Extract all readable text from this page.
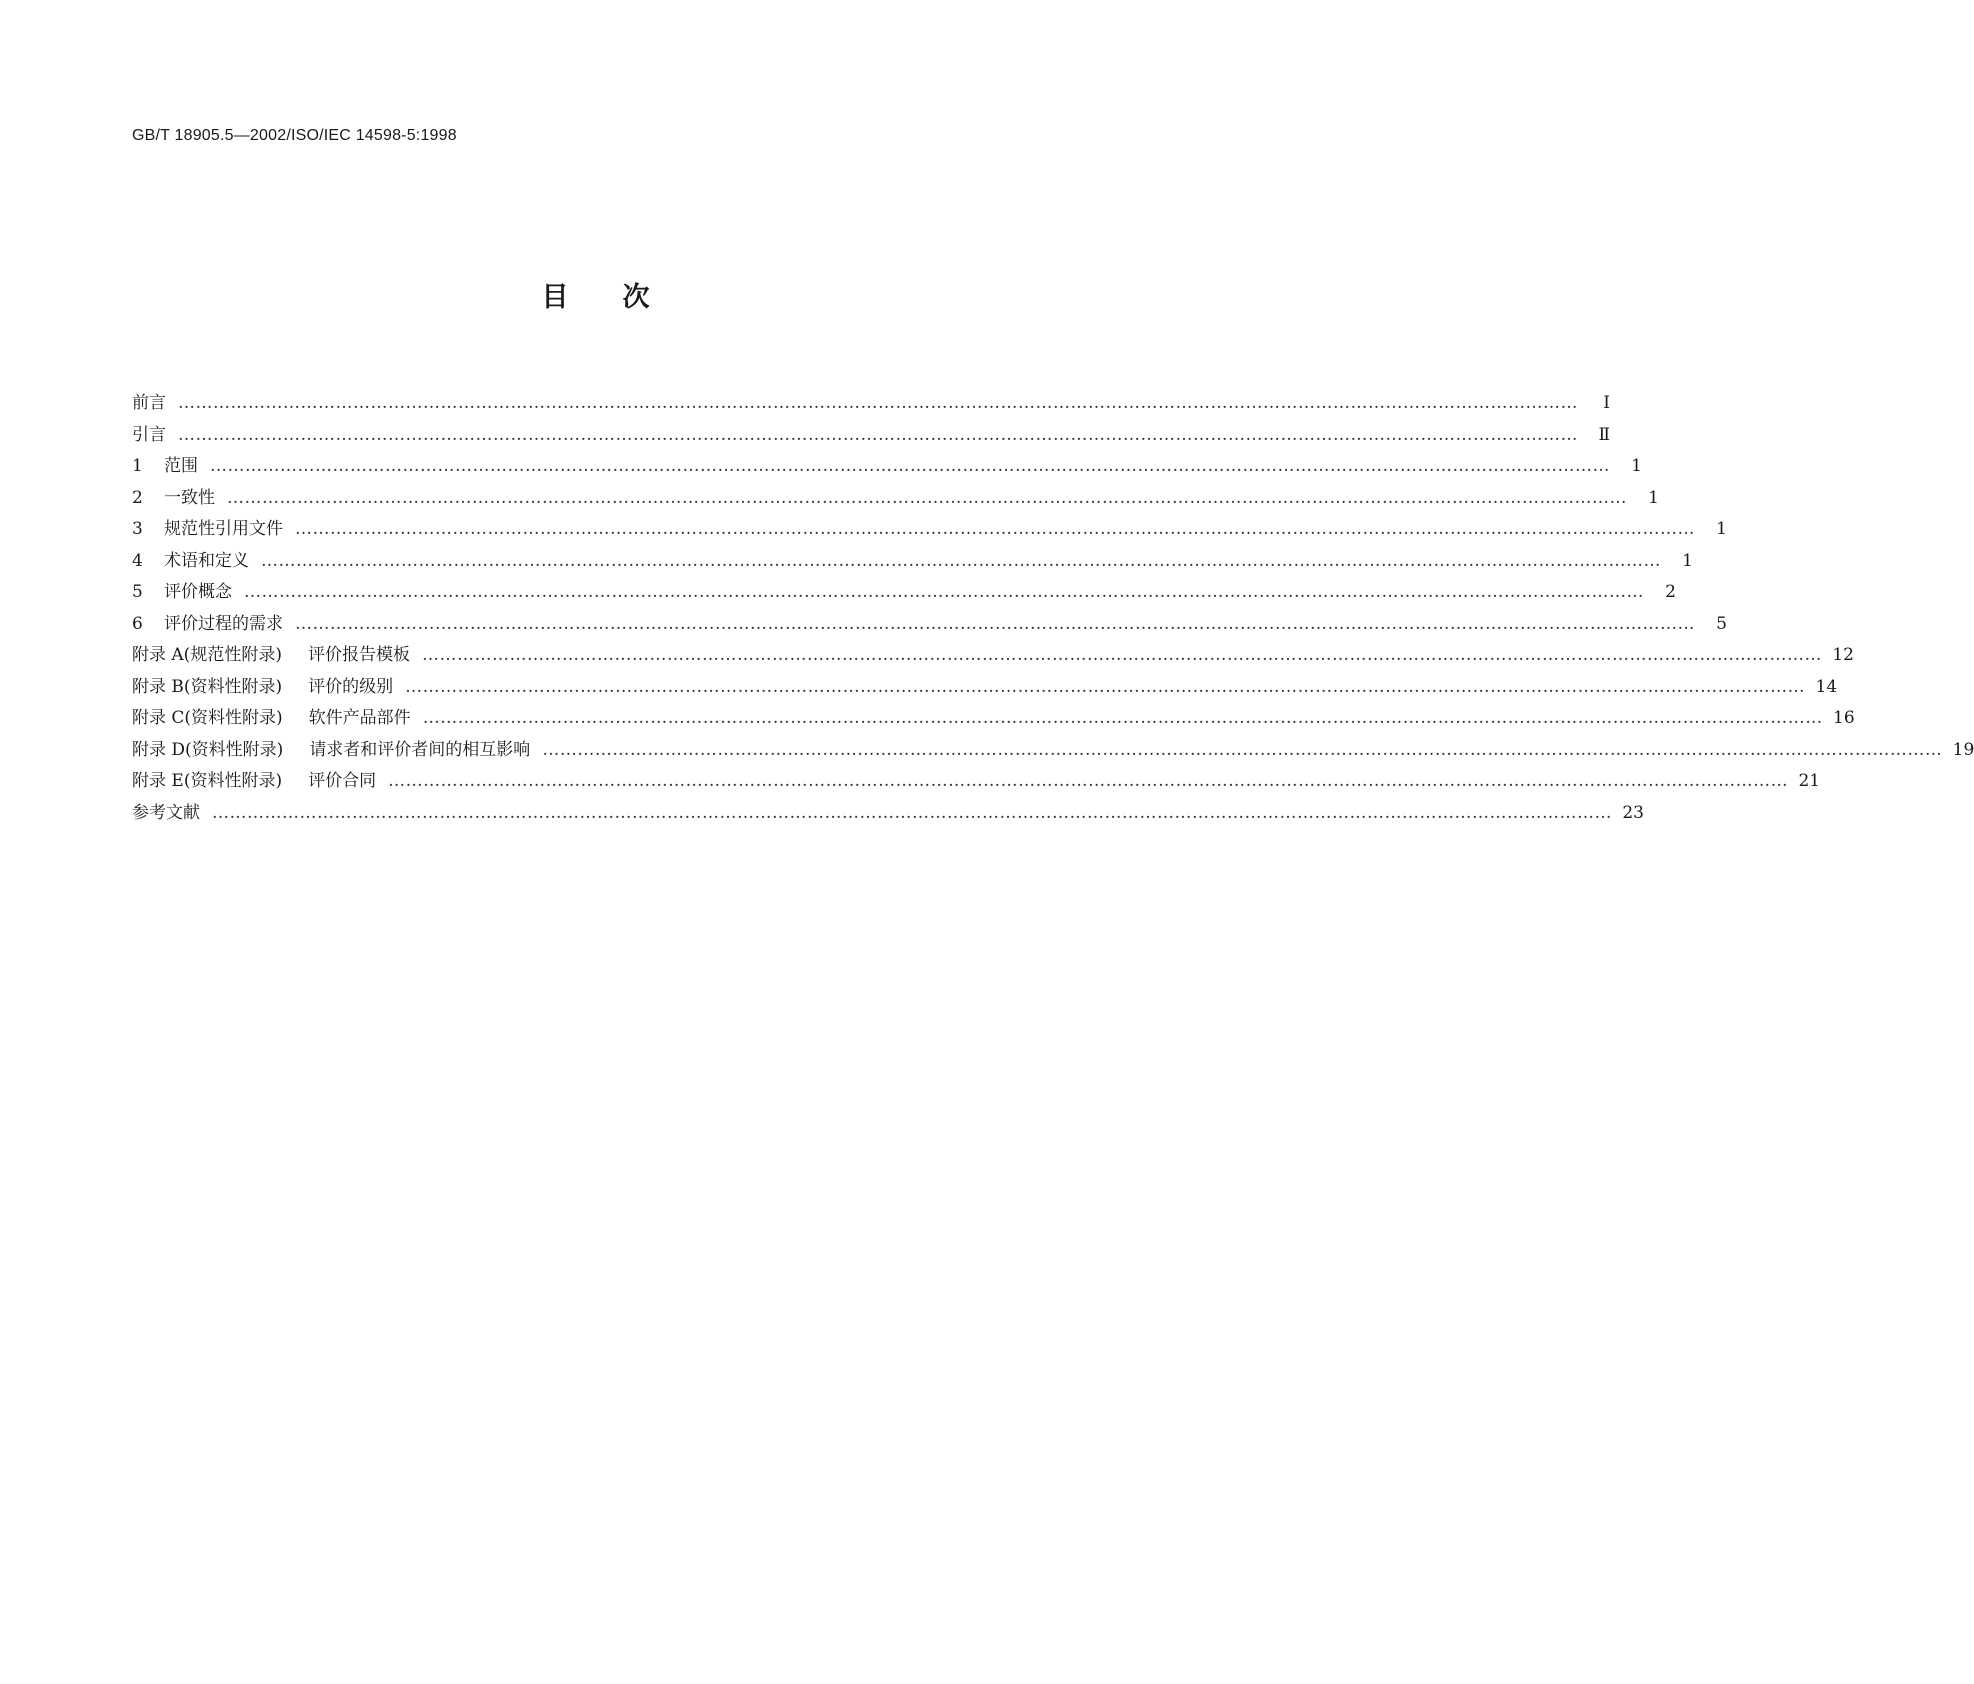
GB/T 18905.5—2002/ISO/IEC 14598-5:1998
目次
前言 ……………………………………………………………………………………………………………………………………………………………………………………………………………………	I
引言 ……………………………………………………………………………………………………………………………………………………………………………………………………………………	Ⅱ
1	范围 ……………………………………………………………………………………………………………………………………………………………………………………………………………………	1
2	一致性 ……………………………………………………………………………………………………………………………………………………………………………………………………………………	1
3	规范性引用文件 ……………………………………………………………………………………………………………………………………………………………………………………………………………………	1
4	术语和定义 ……………………………………………………………………………………………………………………………………………………………………………………………………………………	1
5	评价概念 ……………………………………………………………………………………………………………………………………………………………………………………………………………………	2
6	评价过程的需求 ……………………………………………………………………………………………………………………………………………………………………………………………………………………	5
附录 A(规范性附录)	评价报告模板 …………………………………………………………………………………………………………………………………………………………………………………………………………………… 12
附录 B(资料性附录)	评价的级别 …………………………………………………………………………………………………………………………………………………………………………………………………………………… 14
附录 C(资料性附录)	软件产品部件 …………………………………………………………………………………………………………………………………………………………………………………………………………………… 16
附录 D(资料性附录)	请求者和评价者间的相互影响 …………………………………………………………………………………………………………………………………………………………………………………………………………………… 19
附录 E(资料性附录)	评价合同 …………………………………………………………………………………………………………………………………………………………………………………………………………………… 21
参考文献 …………………………………………………………………………………………………………………………………………………………………………………………………………………… 23
